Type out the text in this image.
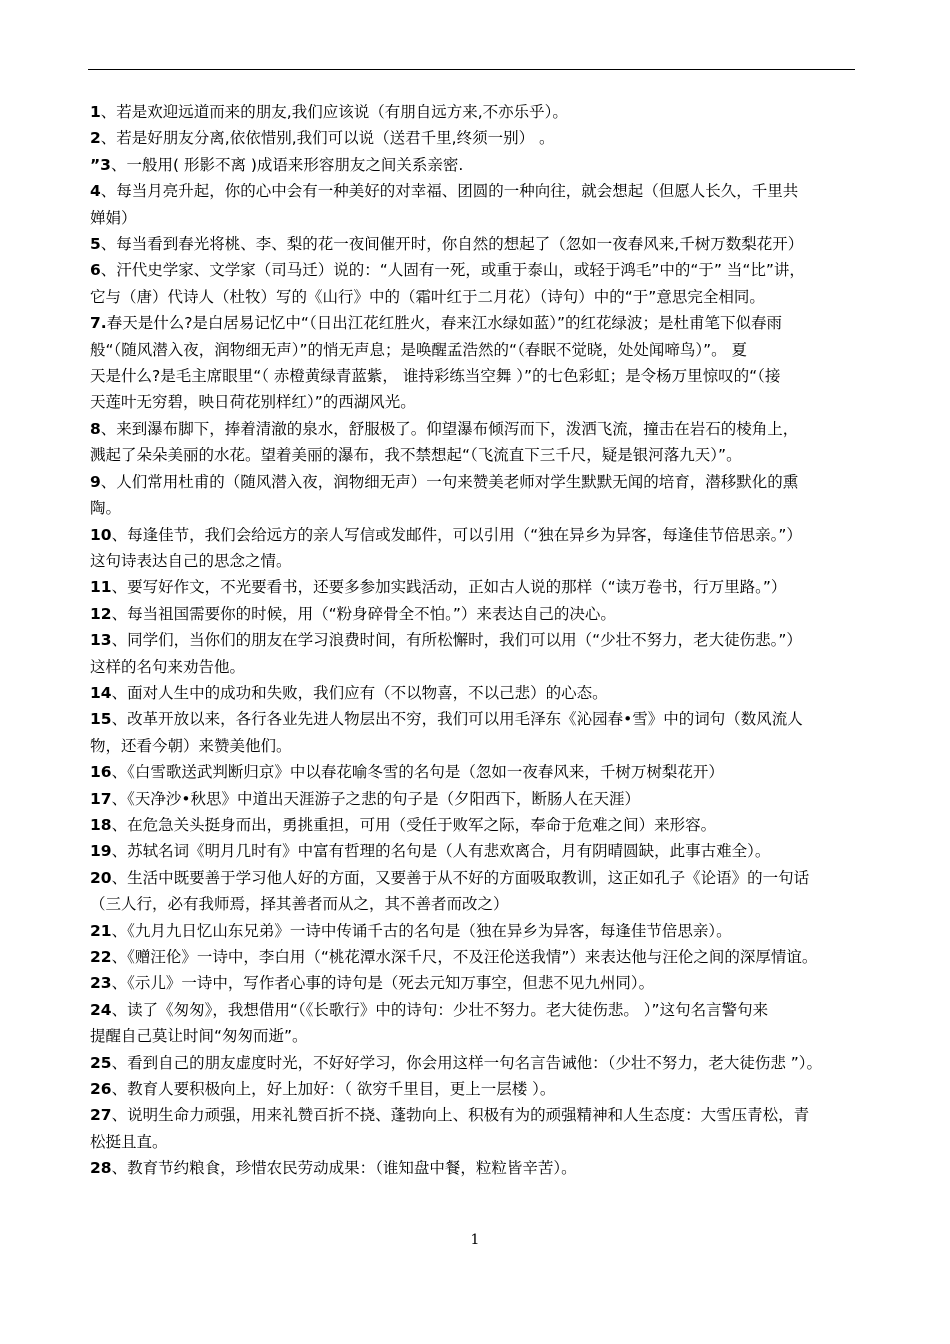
1、若是欢迎远道而来的朋友,我们应该说（有朋自远方来,不亦乐乎）。
2、若是好朋友分离,依依惜别,我们可以说（送君千里,终须一别） 。
”3、一般用( 形影不离 )成语来形容朋友之间关系亲密.
4、每当月亮升起，你的心中会有一种美好的对幸福、团圆的一种向往，就会想起（但愿人长久，千里共
婵娟）
5、每当看到春光将桃、李、梨的花一夜间催开时，你自然的想起了（忽如一夜春风来,千树万数梨花开）
6、汗代史学家、文学家（司马迁）说的：“人固有一死，或重于泰山，或轻于鸿毛”中的“于” 当“比”讲，
它与（唐）代诗人（杜牧）写的《山行》中的（霜叶红于二月花）（诗句）中的“于”意思完全相同。
7.春天是什么?是白居易记忆中“（日出江花红胜火，春来江水绿如蓝）”的红花绿波；是杜甫笔下似春雨
般“（随风潜入夜，润物细无声）”的悄无声息；是唤醒孟浩然的“（春眠不觉晓，处处闻啼鸟）”。 夏
天是什么?是毛主席眼里“（ 赤橙黄绿青蓝紫， 谁持彩练当空舞 ）”的七色彩虹；是令杨万里惊叹的“（接
天莲叶无穷碧，映日荷花别样红）”的西湖风光。
8、来到瀑布脚下，捧着清澈的泉水，舒服极了。仰望瀑布倾泻而下，泼洒飞流，撞击在岩石的棱角上，
溅起了朵朵美丽的水花。望着美丽的瀑布，我不禁想起“（飞流直下三千尺，疑是银河落九天）”。
9、人们常用杜甫的（随风潜入夜，润物细无声）一句来赞美老师对学生默默无闻的培育，潜移默化的熏
陶。
10、每逢佳节，我们会给远方的亲人写信或发邮件，可以引用（“独在异乡为异客，每逢佳节倍思亲。”）
这句诗表达自己的思念之情。
11、要写好作文，不光要看书，还要多参加实践活动，正如古人说的那样（“读万卷书，行万里路。”）
12、每当祖国需要你的时候，用（“粉身碎骨全不怕。”）来表达自己的决心。
13、同学们，当你们的朋友在学习浪费时间，有所松懈时，我们可以用（“少壮不努力，老大徒伤悲。”）
这样的名句来劝告他。
14、面对人生中的成功和失败，我们应有（不以物喜，不以己悲）的心态。
15、改革开放以来，各行各业先进人物层出不穷，我们可以用毛泽东《沁园春•雪》中的词句（数风流人
物，还看今朝）来赞美他们。
16、《白雪歌送武判断归京》中以春花喻冬雪的名句是（忽如一夜春风来，千树万树梨花开）
17、《天净沙•秋思》中道出天涯游子之悲的句子是（夕阳西下，断肠人在天涯）
18、在危急关头挺身而出，勇挑重担，可用（受任于败军之际，奉命于危难之间）来形容。
19、苏轼名词《明月几时有》中富有哲理的名句是（人有悲欢离合，月有阴晴圆缺，此事古难全）。
20、生活中既要善于学习他人好的方面，又要善于从不好的方面吸取教训，这正如孔子《论语》的一句话
（三人行，必有我师焉，择其善者而从之，其不善者而改之）
21、《九月九日忆山东兄弟》一诗中传诵千古的名句是（独在异乡为异客，每逢佳节倍思亲）。
22、《赠汪伦》一诗中，李白用（“桃花潭水深千尺，不及汪伦送我情”）来表达他与汪伦之间的深厚情谊。
23、《示儿》一诗中，写作者心事的诗句是（死去元知万事空，但悲不见九州同）。
24、读了《匆匆》，我想借用“（《长歌行》中的诗句：少壮不努力。老大徒伤悲。 ）”这句名言警句来
提醒自己莫让时间“匆匆而逝”。
25、看到自己的朋友虚度时光，不好好学习，你会用这样一句名言告诫他：（少壮不努力，老大徒伤悲 ”）。
26、教育人要积极向上，好上加好：（ 欲穷千里目，更上一层楼 ）。
27、说明生命力顽强，用来礼赞百折不挠、蓬勃向上、积极有为的顽强精神和人生态度：大雪压青松，青
松挺且直。
28、教育节约粮食，珍惜农民劳动成果：（谁知盘中餐，粒粒皆辛苦）。
1
